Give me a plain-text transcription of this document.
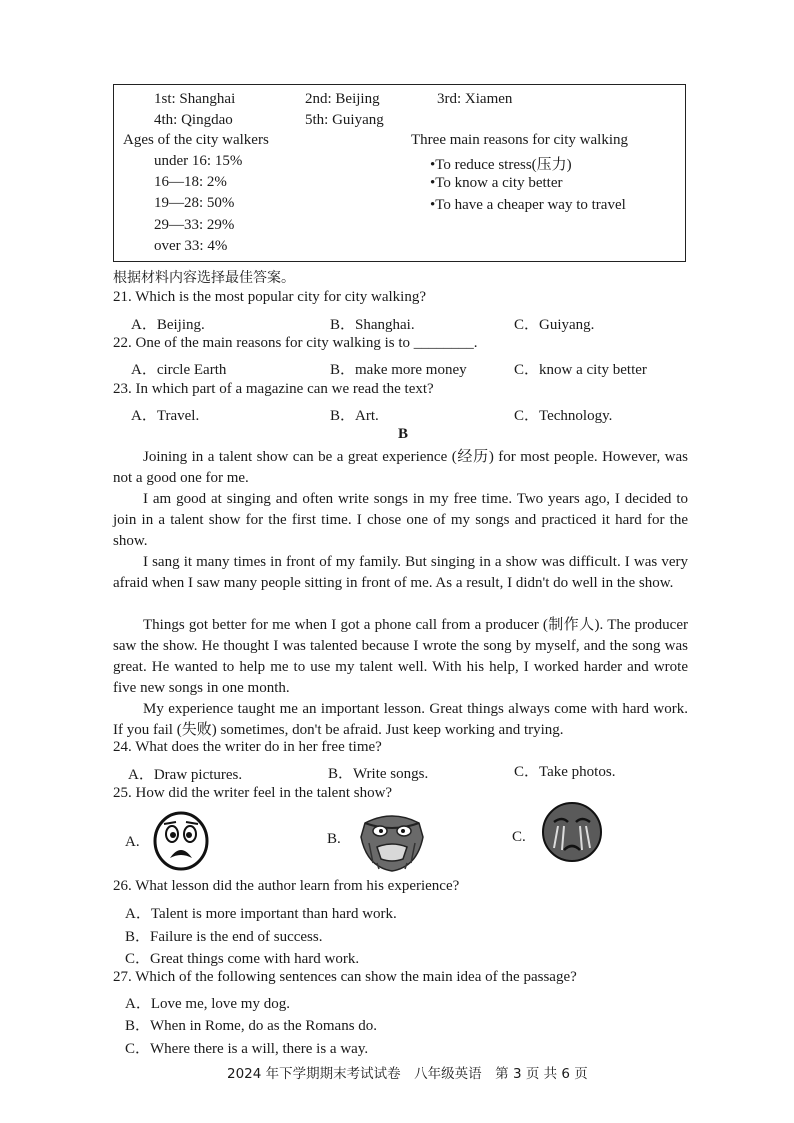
1st: Shanghai	2nd: Beijing	3rd: Xiamen
4th: Qingdao	5th: Guiyang
Ages of the city walkers
under 16: 15%
16—18: 2%
19—28: 50%
29—33: 29%
over 33: 4%
Three main reasons for city walking
•To reduce stress(压力)
•To know a city better
•To have a cheaper way to travel
根据材料内容选择最佳答案。
21. Which is the most popular city for city walking?
A．Beijing.	B．Shanghai.	C．Guiyang.
22. One of the main reasons for city walking is to ________.
A．circle Earth	B．make more money	C．know a city better
23. In which part of a magazine can we read the text?
A．Travel.	B．Art.	C．Technology.
B
Joining in a talent show can be a great experience (经历) for most people. However, was not a good one for me.
I am good at singing and often write songs in my free time. Two years ago, I decided to join in a talent show for the first time. I chose one of my songs and practiced it hard for the show.
I sang it many times in front of my family. But singing in a show was difficult. I was very afraid when I saw many people sitting in front of me. As a result, I didn't do well in the show.
Things got better for me when I got a phone call from a producer (制作人). The producer saw the show. He thought I was talented because I wrote the song by myself, and the song was great. He wanted to help me to use my talent well. With his help, I worked harder and wrote five new songs in one month.
My experience taught me an important lesson. Great things always come with hard work. If you fail (失败) sometimes, don't be afraid. Just keep working and trying.
24. What does the writer do in her free time?
A．Draw pictures.	B．Write songs.	C．Take photos.
25. How did the writer feel in the talent show?
A.	B.	C.
26. What lesson did the author learn from his experience?
A．Talent is more important than hard work.
B．Failure is the end of success.
C．Great things come with hard work.
27. Which of the following sentences can show the main idea of the passage?
A．Love me, love my dog.
B．When in Rome, do as the Romans do.
C．Where there is a will, there is a way.
2024 年下学期期末考试试卷　八年级英语　第 3 页 共 6 页
